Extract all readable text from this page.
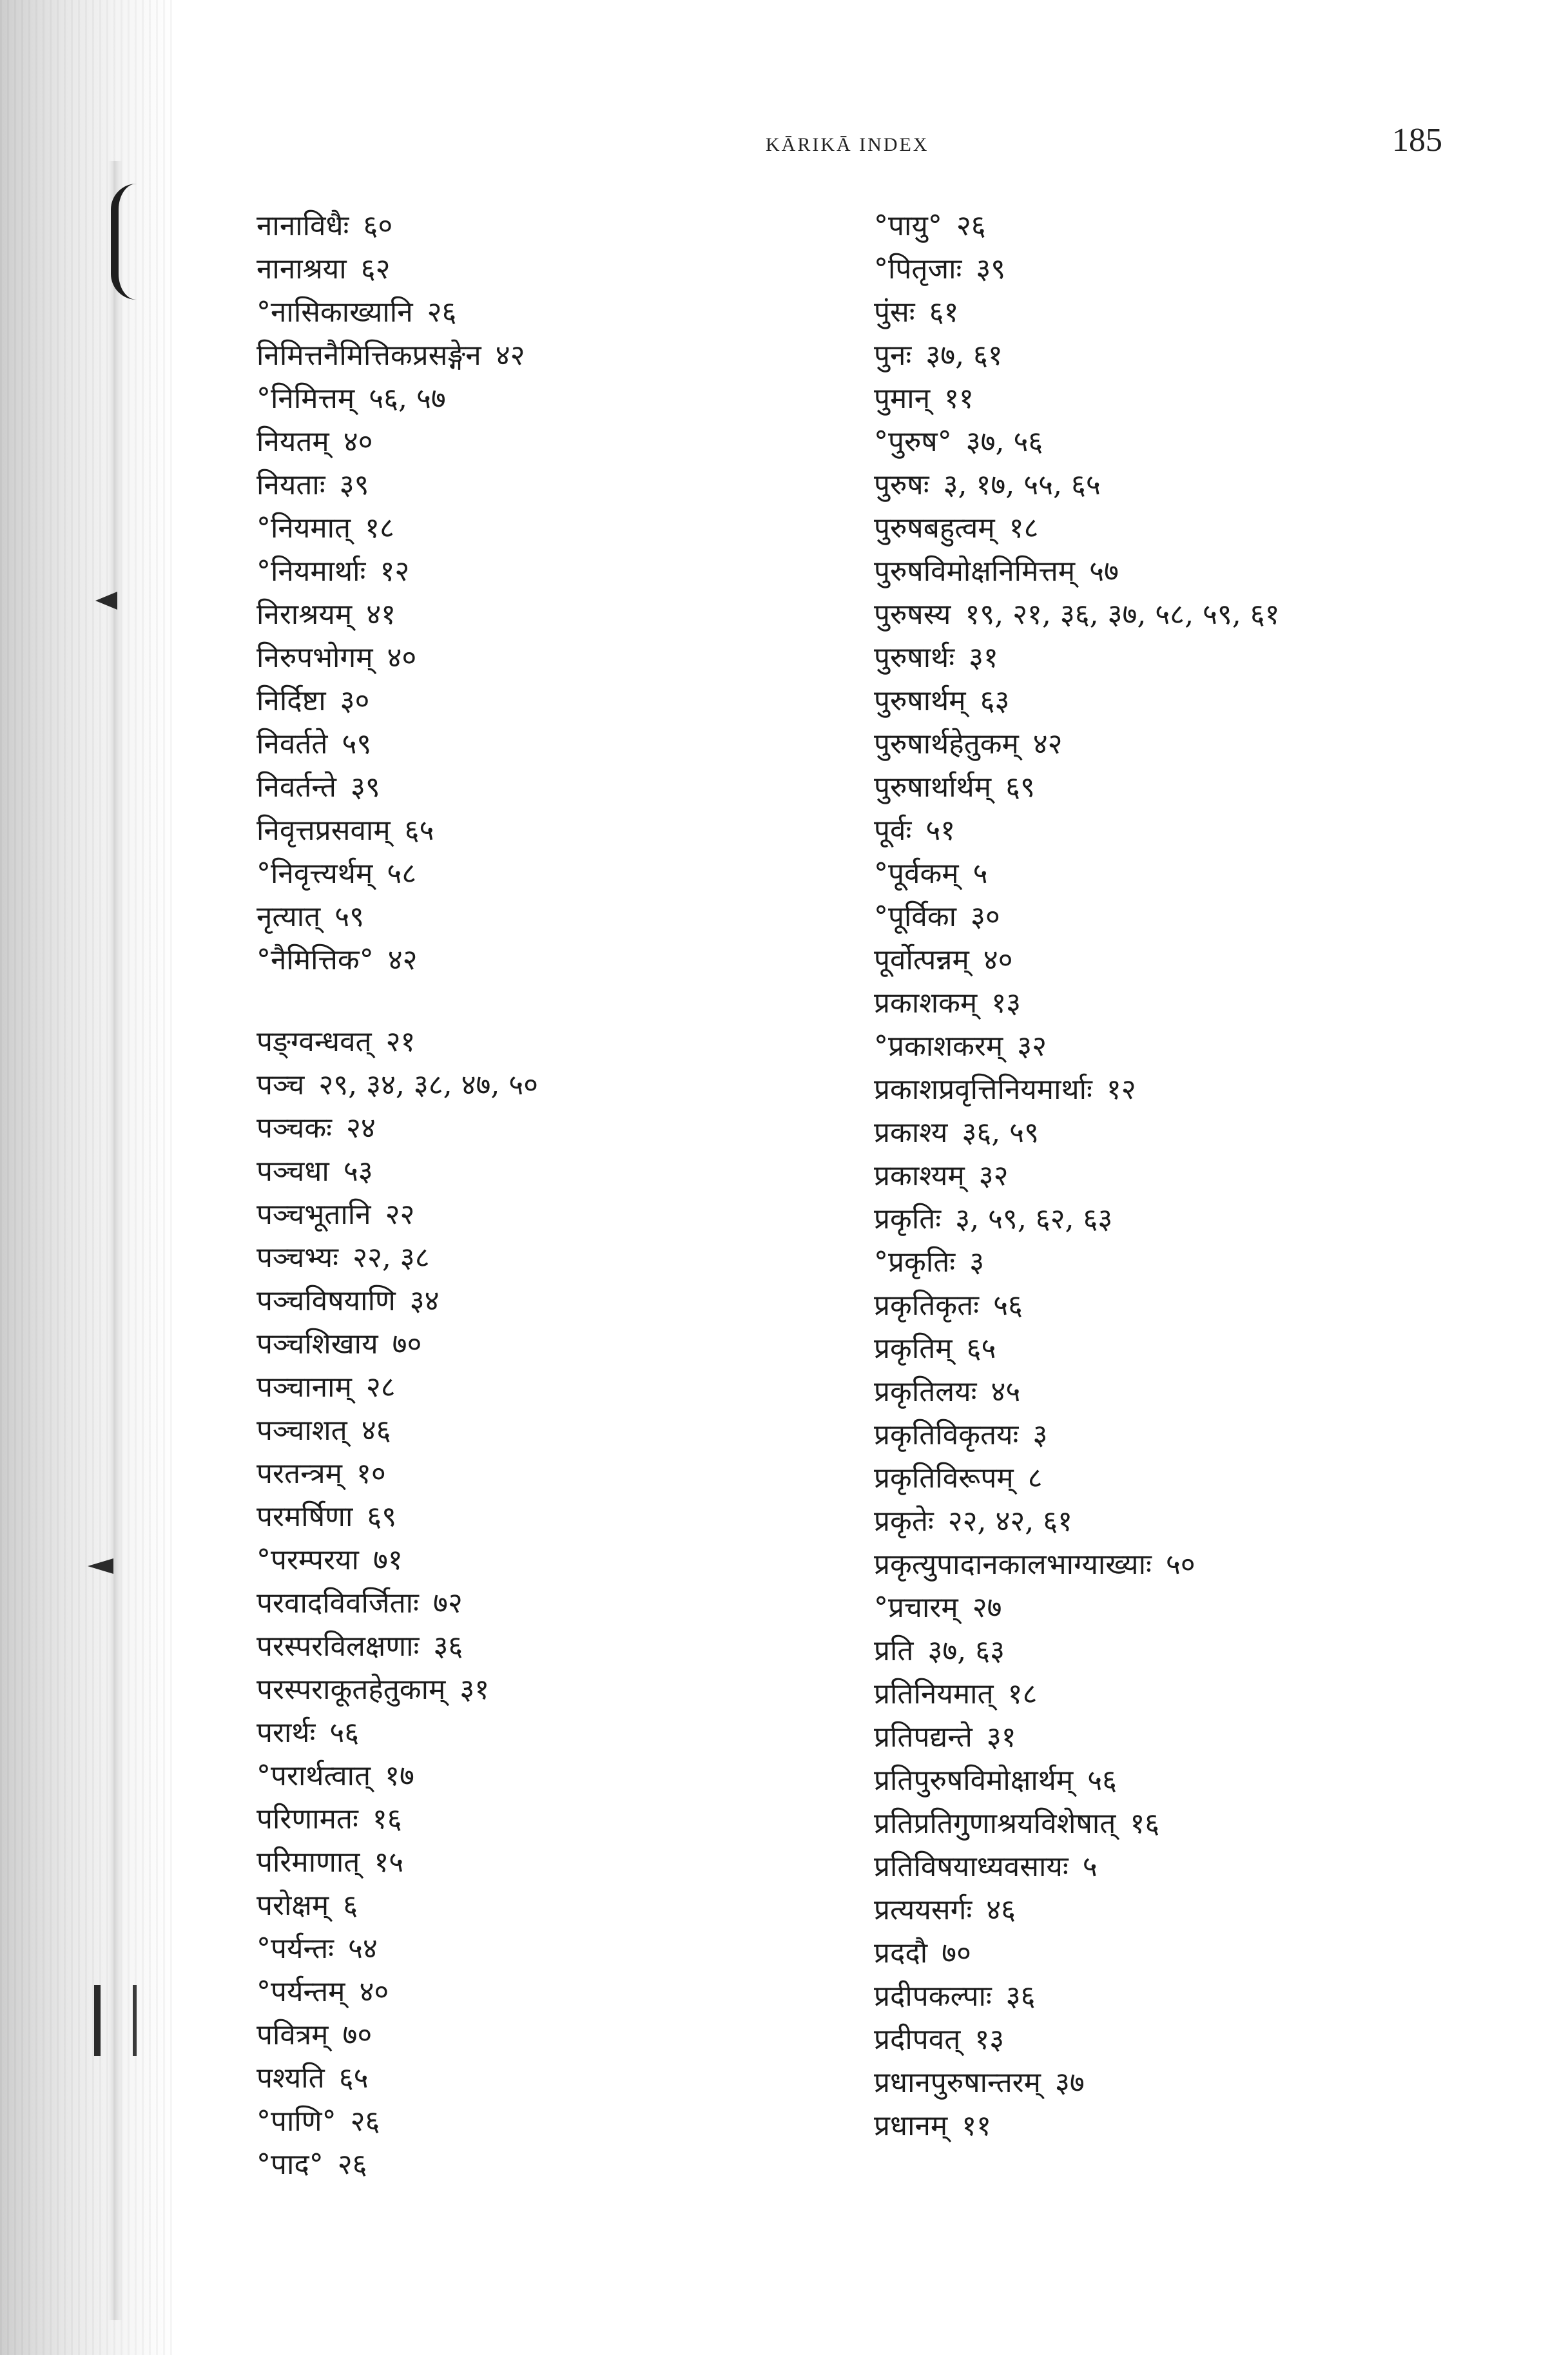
KĀRIKĀ INDEX	185
नानाविधैः ६०
नानाश्रया ६२
°नासिकाख्यानि २६
निमित्तनैमित्तिकप्रसङ्गेन ४२
°निमित्तम् ५६, ५७
नियतम् ४०
नियताः ३९
°नियमात् १८
°नियमार्थाः १२
निराश्रयम् ४१
निरुपभोगम् ४०
निर्दिष्टा ३०
निवर्तते ५९
निवर्तन्ते ३९
निवृत्तप्रसवाम् ६५
°निवृत्त्यर्थम् ५८
नृत्यात् ५९
°नैमित्तिक° ४२
पङ्ग्वन्धवत् २१
पञ्च २९, ३४, ३८, ४७, ५०
पञ्चकः २४
पञ्चधा ५३
पञ्चभूतानि २२
पञ्चभ्यः २२, ३८
पञ्चविषयाणि ३४
पञ्चशिखाय ७०
पञ्चानाम् २८
पञ्चाशत् ४६
परतन्त्रम् १०
परमर्षिणा ६९
°परम्परया ७१
परवादविवर्जिताः ७२
परस्परविलक्षणाः ३६
परस्पराकूतहेतुकाम् ३१
परार्थः ५६
°परार्थत्वात् १७
परिणामतः १६
परिमाणात् १५
परोक्षम् ६
°पर्यन्तः ५४
°पर्यन्तम् ४०
पवित्रम् ७०
पश्यति ६५
°पाणि° २६
°पाद° २६
°पायु° २६
°पितृजाः ३९
पुंसः ६१
पुनः ३७, ६१
पुमान् ११
°पुरुष° ३७, ५६
पुरुषः ३, १७, ५५, ६५
पुरुषबहुत्वम् १८
पुरुषविमोक्षनिमित्तम् ५७
पुरुषस्य १९, २१, ३६, ३७, ५८, ५९, ६१
पुरुषार्थः ३१
पुरुषार्थम् ६३
पुरुषार्थहेतुकम् ४२
पुरुषार्थार्थम् ६९
पूर्वः ५१
°पूर्वकम् ५
°पूर्विका ३०
पूर्वोत्पन्नम् ४०
प्रकाशकम् १३
°प्रकाशकरम् ३२
प्रकाशप्रवृत्तिनियमार्थाः १२
प्रकाश्य ३६, ५९
प्रकाश्यम् ३२
प्रकृतिः ३, ५९, ६२, ६३
°प्रकृतिः ३
प्रकृतिकृतः ५६
प्रकृतिम् ६५
प्रकृतिलयः ४५
प्रकृतिविकृतयः ३
प्रकृतिविरूपम् ८
प्रकृतेः २२, ४२, ६१
प्रकृत्युपादानकालभाग्याख्याः ५०
°प्रचारम् २७
प्रति ३७, ६३
प्रतिनियमात् १८
प्रतिपद्यन्ते ३१
प्रतिपुरुषविमोक्षार्थम् ५६
प्रतिप्रतिगुणाश्रयविशेषात् १६
प्रतिविषयाध्यवसायः ५
प्रत्ययसर्गः ४६
प्रददौ ७०
प्रदीपकल्पाः ३६
प्रदीपवत् १३
प्रधानपुरुषान्तरम् ३७
प्रधानम् ११
